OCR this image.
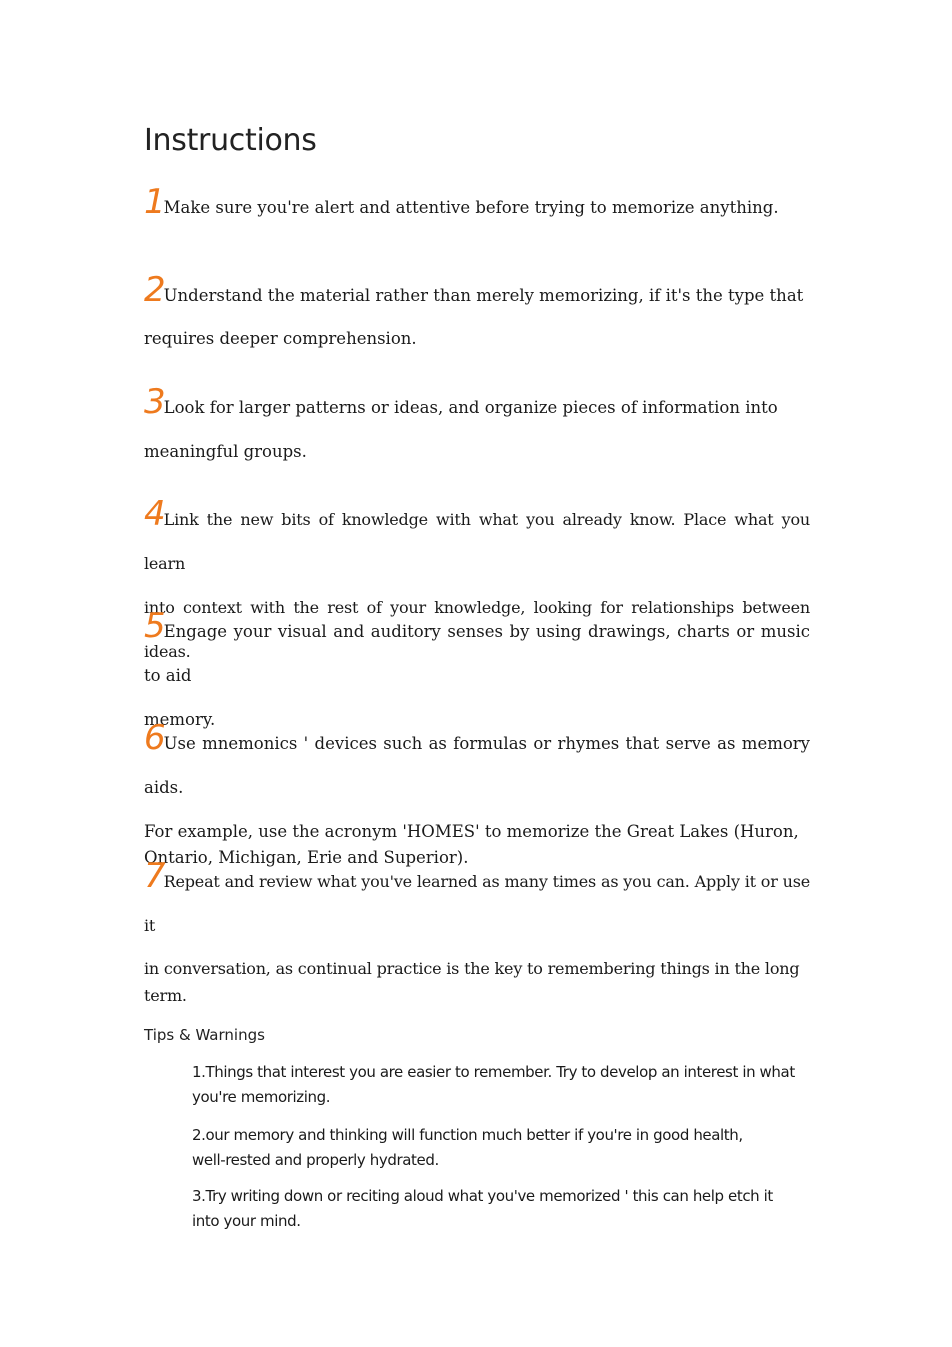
Instructions
1Make sure you're alert and attentive before trying to memorize anything.
2Understand the material rather than merely memorizing, if it's the type that
requires deeper comprehension.
3Look for larger patterns or ideas, and organize pieces of information into
meaningful groups.
4Link the new bits of knowledge with what you already know. Place what you learn
into context with the rest of your knowledge, looking for relationships between ideas.
5Engage your visual and auditory senses by using drawings, charts or music to aid
memory.
6Use mnemonics ' devices such as formulas or rhymes that serve as memory aids.
For example, use the acronym 'HOMES' to memorize the Great Lakes (Huron,
Ontario, Michigan, Erie and Superior).
7Repeat and review what you've learned as many times as you can. Apply it or use it
in conversation, as continual practice is the key to remembering things in the long
term.

Tips & Warnings

1.Things that interest you are easier to remember. Try to develop an interest in what
you're memorizing.
2.our memory and thinking will function much better if you're in good health,
well-rested and properly hydrated.
3.Try writing down or reciting aloud what you've memorized ' this can help etch it
into your mind.
